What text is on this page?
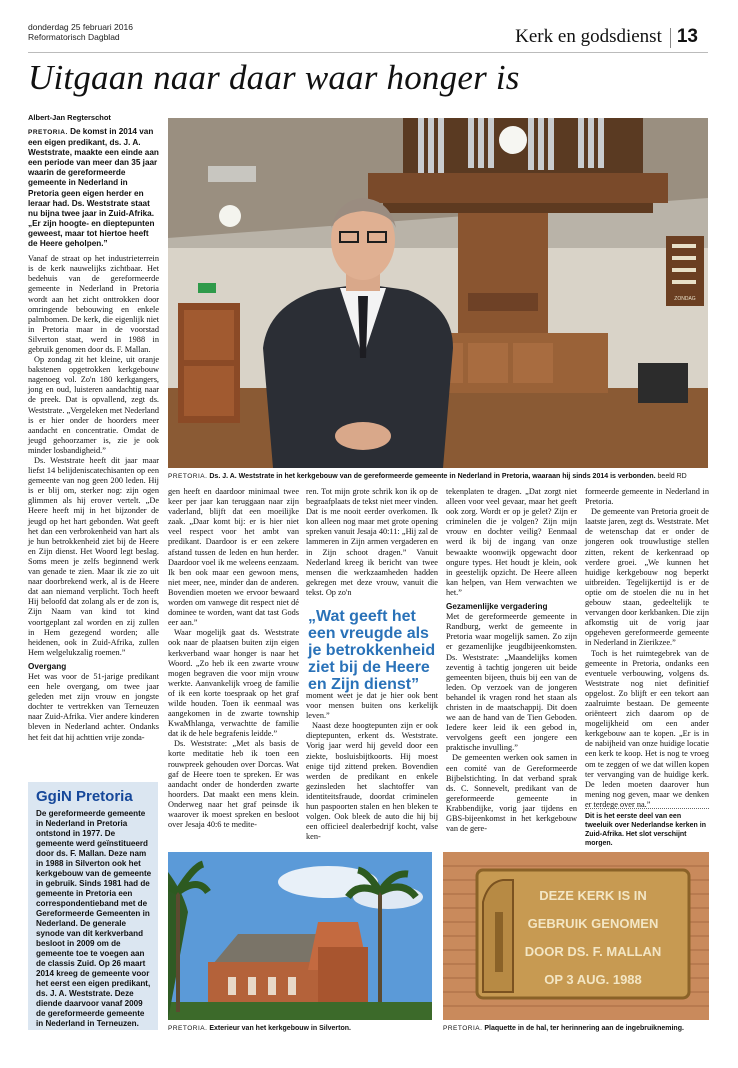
donderdag 25 februari 2016
Reformatorisch Dagblad	Kerk en godsdienst 13
Uitgaan naar daar waar honger is
Albert-Jan Regterschot

PRETORIA. De komst in 2014 van een eigen predikant, ds. J. A. Weststrate, maakte een einde aan een periode van meer dan 35 jaar waarin de gereformeerde gemeente in Nederland in Pretoria geen eigen herder en leraar had. Ds. Weststrate staat nu bijna twee jaar in Zuid-Afrika. „Er zijn hoogte- en dieptepunten geweest, maar tot hiertoe heeft de Heere geholpen.”

Vanaf de straat op het industrieterrein is de kerk nauwelijks zichtbaar. Het bedehuis van de gereformeerde gemeente in Nederland in Pretoria wordt aan het zicht onttrokken door omringende bebouwing en enkele palmbomen. De kerk, die eigenlijk niet in Pretoria maar in de voorstad Silverton staat, werd in 1988 in gebruik genomen door ds. F. Mallan.

Op zondag zit het kleine, uit oranje bakstenen opgetrokken kerkgebouw nagenoeg vol. Zo'n 180 kerkgangers, jong en oud, luisteren aandachtig naar de preek. Dat is opvallend, zegt ds. Weststrate. „Vergeleken met Nederland is er hier onder de hoorders meer aandacht en concentratie. Omdat de jeugd gehoorzamer is, zie je ook minder losbandigheid.”

Ds. Weststrate heeft dit jaar maar liefst 14 belijdeniscatechisanten op een gemeente van nog geen 200 leden. Hij is er blij om, sterker nog: zijn ogen glimmen als hij erover vertelt. „De Heere heeft mij in het bijzonder de jeugd op het hart gebonden. Wat geeft het dan een verbrokenheid van hart als je hun betrokkenheid ziet bij de Heere en Zijn dienst. Het Woord legt beslag. Soms meen je zelfs beginnend werk van genade te zien. Maar ik zie zo uit naar doorbrekend werk, al is de Heere dat aan niemand verplicht. Toch heeft Hij beloofd dat zolang als er de zon is, Zijn Naam van kind tot kind voortgeplant zal worden en zij zullen in Hem gezegend worden; alle heidenen, ook in Zuid-Afrika, zullen Hem welgelukzalig roemen.”

Overgang

Het was voor de 51-jarige predikant een hele overgang, om twee jaar geleden met zijn vrouw en jongste dochter te vertrekken van Terneuzen naar Zuid-Afrika. Vier andere kinderen bleven in Nederland achter. Ondanks het feit dat hij achttien vrije zonda-

GgiN Pretoria
De gereformeerde gemeente in Nederland in Pretoria ontstond in 1977. De gemeente werd geïnstitueerd door ds. F. Mallan. Deze nam in 1988 in Silverton ook het kerkgebouw van de gemeente in gebruik. Sinds 1981 had de gemeente in Pretoria een correspondentieband met de Gereformeerde Gemeenten in Nederland. De generale synode van dit kerkverband besloot in 2009 om de gemeente toe te voegen aan de classis Zuid. Op 26 maart 2014 kreeg de gemeente voor het eerst een eigen predikant, ds. J. A. Weststrate. Deze diende daarvoor vanaf 2009 de gereformeerde gemeente in Nederland in Terneuzen.
ZONDAG
PRETORIA. Ds. J. A. Weststrate in het kerkgebouw van de gereformeerde gemeente in Nederland in Pretoria, waaraan hij sinds 2014 is verbonden. beeld RD

gen heeft en daardoor minimaal twee keer per jaar kan teruggaan naar zijn vaderland, blijft dat een moeilijke zaak. „Daar komt bij: er is hier niet veel respect voor het ambt van predikant. Daardoor is er een zekere afstand tussen de leden en hun herder. Daardoor voel ik me weleens eenzaam. Ik ben ook maar een gewoon mens, niet meer, nee, minder dan de anderen. Bovendien moeten we ervoor bewaard worden om vanwege dit respect niet dé dominee te worden, want dat tast Gods eer aan.”

Waar mogelijk gaat ds. Weststrate ook naar de plaatsen buiten zijn eigen kerkverband waar honger is naar het Woord. „Zo heb ik een zwarte vrouw mogen begraven die voor mijn vrouw werkte. Aanvankelijk vroeg de familie of ik een korte toespraak op het graf wilde houden. Toen ik eenmaal was aangekomen in de zwarte township KwaMhlanga, verwachtte de familie dat ik de hele begrafenis leidde.”

Ds. Weststrate: „Met als basis de korte meditatie heb ik toen een rouwpreek gehouden over Dorcas. Wat gaf de Heere toen te spreken. Er was aandacht onder de honderden zwarte hoorders. Dat maakt een mens klein. Onderweg naar het graf peinsde ik waarover ik moest spreken en besloot over Jesaja 40:6 te medite-

ren. Tot mijn grote schrik kon ik op de begraafplaats de tekst niet meer vinden. Dat is me nooit eerder overkomen. Ik kon alleen nog maar met grote opening spreken vanuit Jesaja 40:11: „Hij zal de lammeren in Zijn armen vergaderen en in Zijn schoot dragen.” Vanuit Nederland kreeg ik bericht van twee mensen die werkzaamheden hadden gekregen met deze vrouw, vanuit die tekst. Op zo'n

„Wat geeft het een vreugde als je betrokkenheid ziet bij de Heere en Zijn dienst”

moment weet je dat je hier ook bent voor mensen buiten ons kerkelijk leven.”

Naast deze hoogtepunten zijn er ook dieptepunten, erkent ds. Weststrate. Vorig jaar werd hij geveld door een ziekte, bosluisbijtkoorts. Hij moest enige tijd zittend preken. Bovendien werden de predikant en enkele gezinsleden het slachtoffer van identiteitsfraude, doordat criminelen hun paspoorten stalen en hen bleken te volgen. Ook bleek de auto die hij bij een officieel dealerbedrijf kocht, valse ken-

tekenplaten te dragen. „Dat zorgt niet alleen voor veel gevaar, maar het geeft ook zorg. Wordt er op je gelet? Zijn er criminelen die je volgen? Zijn mijn vrouw en dochter veilig? Eenmaal werd ik bij de ingang van onze bewaakte woonwijk opgewacht door ongure types. Het houdt je klein, ook in geestelijk opzicht. De Heere alleen kan helpen, van Hem verwachten we het.”

Gezamenlijke vergadering

Met de gereformeerde gemeente in Randburg, werkt de gemeente in Pretoria waar mogelijk samen. Zo zijn er gezamenlijke jeugdbijeenkomsten. Ds. Weststrate: „Maandelijks komen zeventig à tachtig jongeren uit beide gemeenten bijeen, thuis bij een van de leden. Op verzoek van de jongeren behandel ik vragen rond het staan als christen in de maatschappij. Dit doen we aan de hand van de Tien Geboden. Iedere keer leid ik een gebod in, vervolgens geeft een jongere een praktische invulling.”

De gemeenten werken ook samen in een comité van de Gereformeerde Bijbelstichting. In dat verband sprak ds. C. Sonnevelt, predikant van de gereformeerde gemeente in Krabbendijke, vorig jaar tijdens en GBS-bijeenkomst in het kerkgebouw van de gere-

formeerde gemeente in Nederland in Pretoria.

De gemeente van Pretoria groeit de laatste jaren, zegt ds. Weststrate. Met de wetenschap dat er onder de jongeren ook trouwlustige stellen zitten, rekent de kerkenraad op verdere groei. „We kunnen het huidige kerkgebouw nog beperkt uitbreiden. Tegelijkertijd is er de optie om de stoelen die nu in het gebouw staan, gedeeltelijk te vervangen door kerkbanken. Die zijn afkomstig uit de vorig jaar opgeheven gereformeerde gemeente in Nederland in Zierikzee.”

Toch is het ruimtegebrek van de gemeente in Pretoria, ondanks een eventuele verbouwing, volgens ds. Weststrate nog niet definitief opgelost. Zo blijft er een tekort aan zaalruimte bestaan. De gemeente oriënteert zich daarom op de mogelijkheid om een ander kerkgebouw aan te kopen. „Er is in de nabijheid van onze huidige locatie een kerk te koop. Het is nog te vroeg om te zeggen of we dat willen kopen ter vervanging van de huidige kerk. De leden moeten daarover hun mening nog geven, maar we denken er terdege over na.”

Dit is het eerste deel van een tweeluik over Nederlandse kerken in Zuid-Afrika. Het slot verschijnt morgen.
PRETORIA. Exterieur van het kerkgebouw in Silverton.
DEZE KERK IS IN
GEBRUIK GENOMEN
DOOR DS. F. MALLAN
OP 3 AUG. 1988
PRETORIA. Plaquette in de hal, ter herinnering aan de ingebruikneming.
